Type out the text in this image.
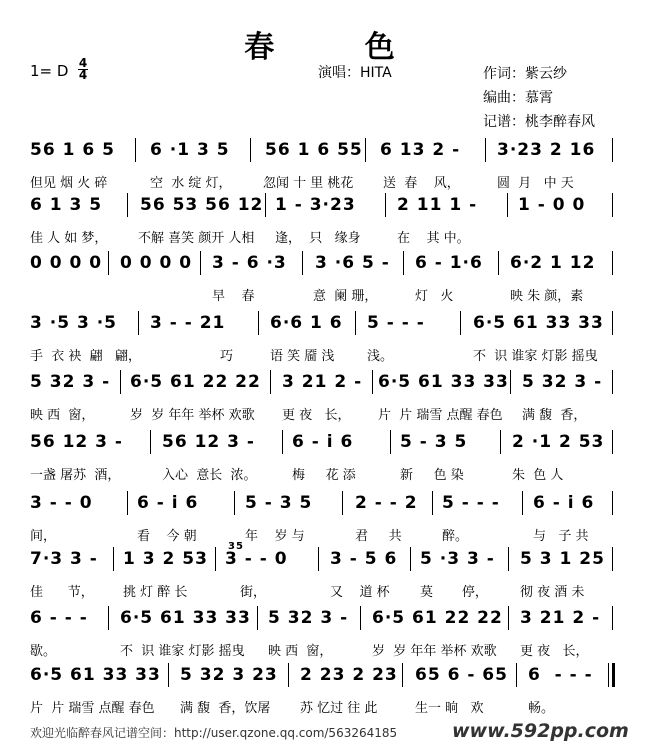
春 色
1= D 4
4	演唱：HITA	作词：紫云纱
编曲：慕霄
记谱：桃李醉春风
56 1 6 5 6 ·1 3 5 56 1 6 55 6 13 2 - 3·23 2 16
但见 烟 火 碎	空  水 绽 灯， 忽闻 十 里 桃花 送  春    风，	圆  月   中 天
6 1 3 5 56 53 56 12 1 - 3·23 2 11 1 - 1 - 0 0
佳 人 如 梦， 不解 喜笑 颜开 人相 逢，  只   缘身	在    其 中。
0 0 0 0 0 0 0 0 3 - 6 ·3 3 ·6 5 - 6 - 1·6 6·2 1 12
早    春	意  阑 珊，	灯   火	映 朱 颜，素
3 ·5 3 ·5 3 - - 21	6·6 1 6 5 - - -	6·5 61 33 33
手  衣 袂  翩   翩，	巧	语 笑 靥 浅	浅。	不  识 谁家 灯影 摇曳
5 32 3 - 6·5 61 22 22 3 21 2 - 6·5 61 33 33 5 32 3 -
映 西  窗，	岁  岁 年年 举杯 欢歌 更 夜   长， 片  片 瑞雪 点醒 春色 满 馥  香，
56 12 3 - 56 12 3 - 6 - i 6	5 - 3 5	2 ·1 2 53
一盏 屠苏  酒，	入心  意长  浓。	梅     花 添	新     色 染	朱  色 人
3 - - 0	6 - i 6	5 - 3 5	2 - - 2 5 - - - 6 - i 6
间，	看    今 朝	年    岁 与	君     共	醉。	与   子 共
7·3 3 - 1 3 2 53 3 - - 0 3 - 5 6 5 ·3 3 - 5 3 1 25
35
佳      节， 挑 灯 醉 长	街，	又    道 杯 莫       停， 彻 夜 酒 未
6 - - - 6·5 61 33 33 5 32 3 - 6·5 61 22 22 3 21 2 -
歇。	不  识 谁家 灯影 摇曳 映 西  窗，	岁  岁 年年 举杯 欢歌 更 夜   长，
6·5 61 33 33 5 32 3 23 2 23 2 23 65 6 - 65 6  - - -
片  片 瑞雪 点醒 春色 满 馥  香，饮屠 苏 忆过 往 此	生一 晌   欢	畅。
欢迎光临醉春风记谱空间：http://user.qzone.qq.com/563264185	www.592pp.com
